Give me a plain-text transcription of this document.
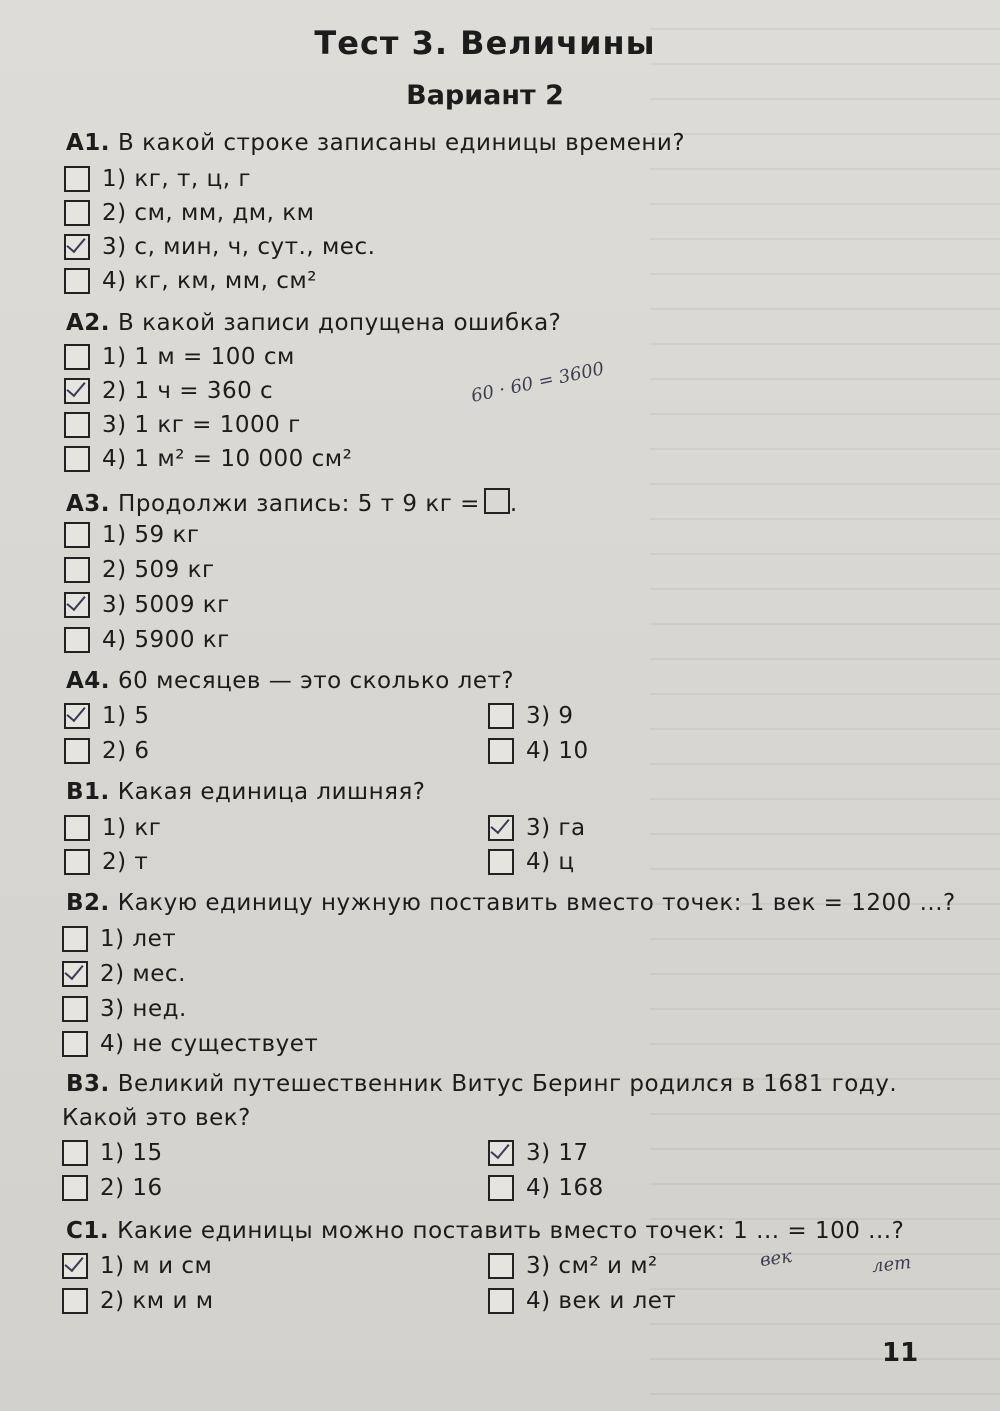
Тест 3. Величины
Вариант 2
А1. В какой строке записаны единицы времени?
1) кг, т, ц, г
2) см, мм, дм, км
3) с, мин, ч, сут., мес.
4) кг, км, мм, см²
А2. В какой записи допущена ошибка?
1) 1 м = 100 см
2) 1 ч = 360 с
3) 1 кг = 1000 г
4) 1 м² = 10 000 см²
60 · 60 = 3600
А3. Продолжи запись: 5 т 9 кг = .
1) 59 кг
2) 509 кг
3) 5009 кг
4) 5900 кг
А4. 60 месяцев — это сколько лет?
1) 5
2) 6
3) 9
4) 10
В1. Какая единица лишняя?
1) кг
2) т
3) га
4) ц
В2. Какую единицу нужную поставить вместо точек: 1 век = 1200 ...?
1) лет
2) мес.
3) нед.
4) не существует
В3. Великий путешественник Витус Беринг родился в 1681 году.
Какой это век?
1) 15
2) 16
3) 17
4) 168
С1. Какие единицы можно поставить вместо точек: 1 ... = 100 ...?
век	лет
1) м и см
2) км и м
3) см² и м²
4) век и лет
11
